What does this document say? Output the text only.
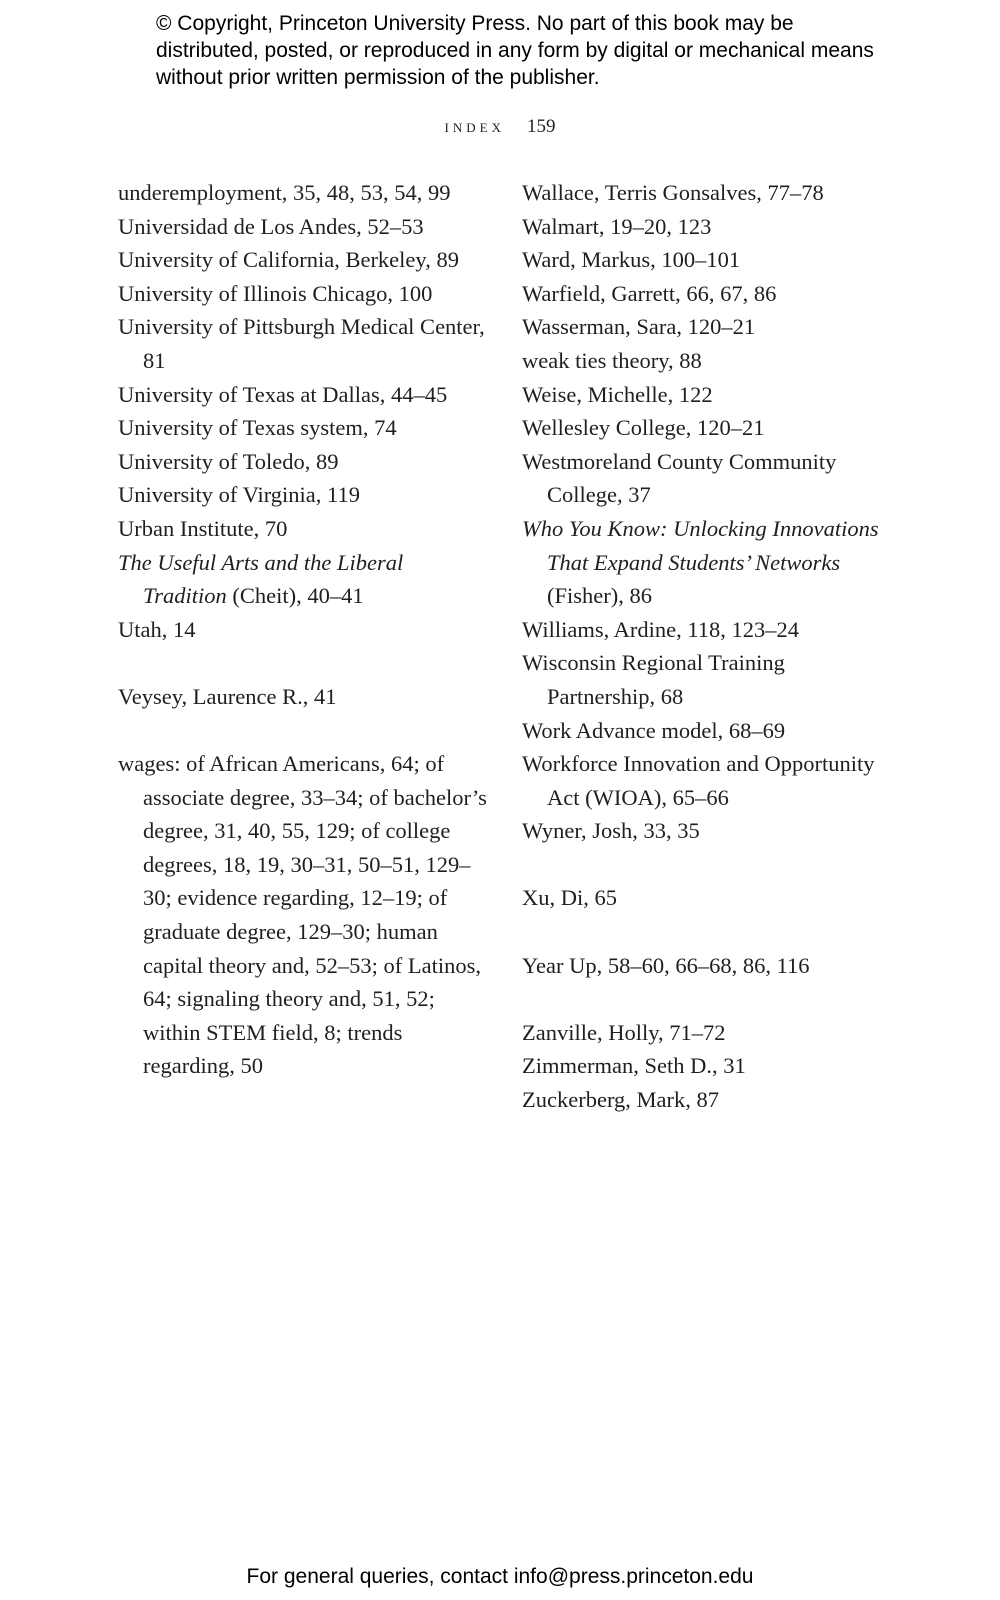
© Copyright, Princeton University Press. No part of this book may be distributed, posted, or reproduced in any form by digital or mechanical means without prior written permission of the publisher.

index 159

underemployment, 35, 48, 53, 54, 99

Universidad de Los Andes, 52–53

University of California, Berkeley, 89

University of Illinois Chicago, 100

University of Pittsburgh Medical Center, 81

University of Texas at Dallas, 44–45

University of Texas system, 74

University of Toledo, 89

University of Virginia, 119

Urban Institute, 70

The Useful Arts and the Liberal Tradition (Cheit), 40–41

Utah, 14

Veysey, Laurence R., 41

wages: of African Americans, 64; of associate degree, 33–34; of bachelor’s degree, 31, 40, 55, 129; of college degrees, 18, 19, 30–31, 50–51, 129–30; evidence regarding, 12–19; of graduate degree, 129–30; human capital theory and, 52–53; of Latinos, 64; signaling theory and, 51, 52; within STEM field, 8; trends regarding, 50

Wallace, Terris Gonsalves, 77–78

Walmart, 19–20, 123

Ward, Markus, 100–101

Warfield, Garrett, 66, 67, 86

Wasserman, Sara, 120–21

weak ties theory, 88

Weise, Michelle, 122

Wellesley College, 120–21

Westmoreland County Community College, 37

Who You Know: Unlocking Innovations That Expand Students’ Networks (Fisher), 86

Williams, Ardine, 118, 123–24

Wisconsin Regional Training Partnership, 68

Work Advance model, 68–69

Workforce Innovation and Opportunity Act (WIOA), 65–66

Wyner, Josh, 33, 35

Xu, Di, 65

Year Up, 58–60, 66–68, 86, 116

Zanville, Holly, 71–72

Zimmerman, Seth D., 31

Zuckerberg, Mark, 87

For general queries, contact info@press.princeton.edu
